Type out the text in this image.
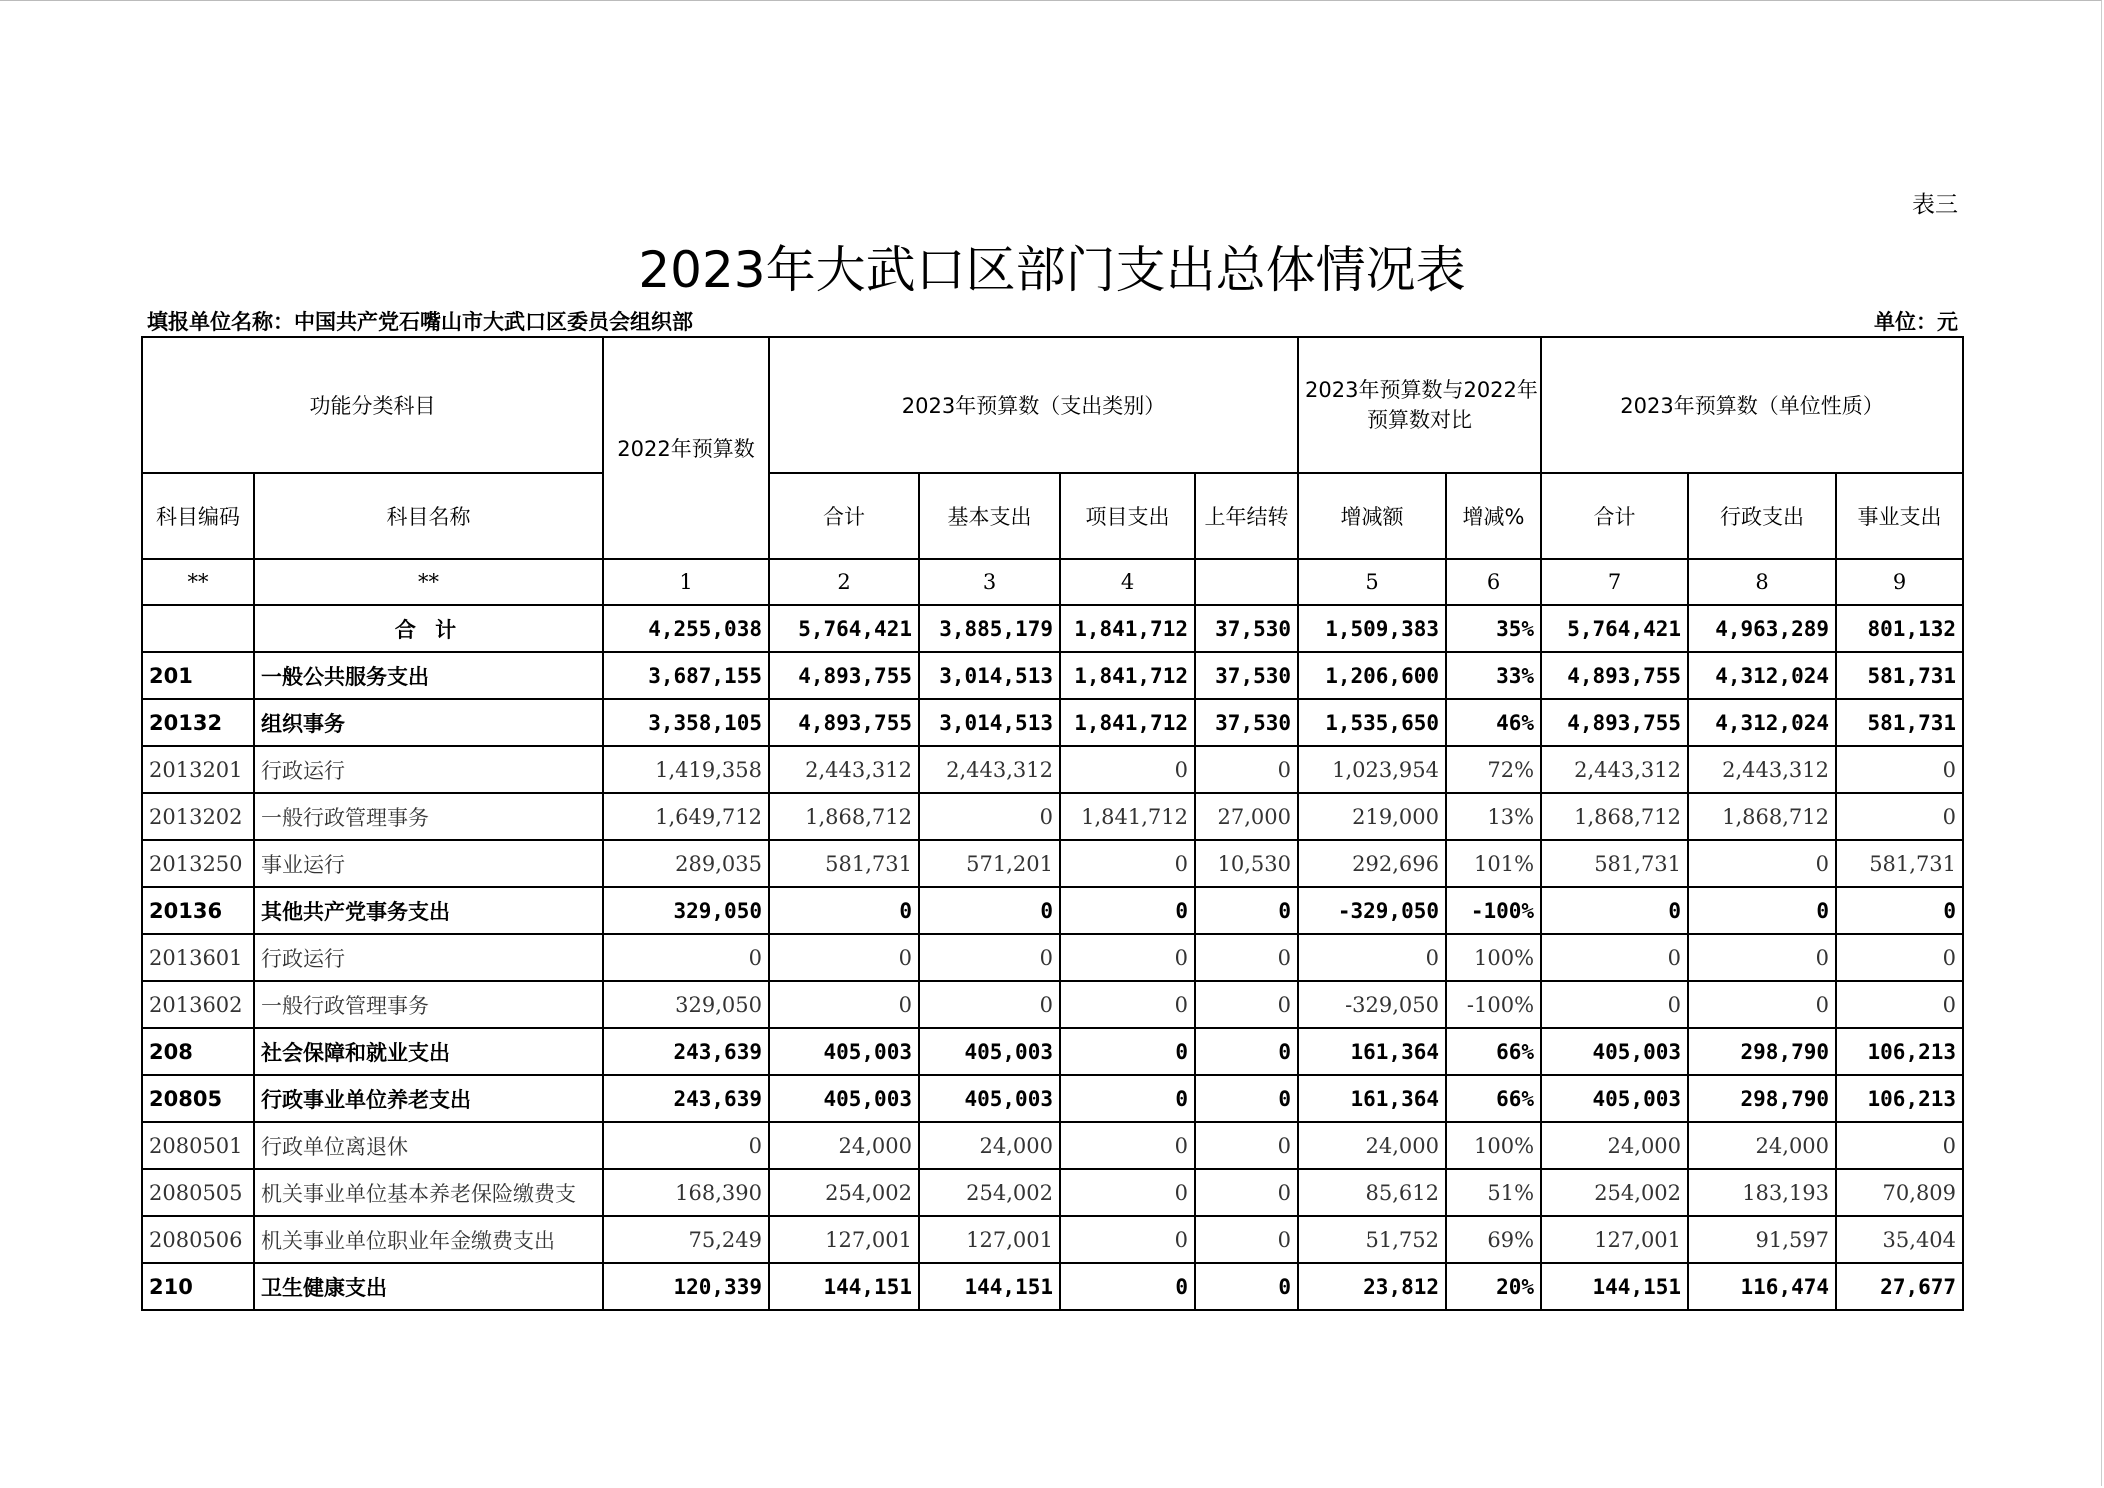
表三
2023年大武口区部门支出总体情况表
填报单位名称：中国共产党石嘴山市大武口区委员会组织部	单位：元
功能分类科目		2022年预算数	2023年预算数（支出类别）				2023年预算数与2022年
预算数对比		2023年预算数（单位性质）		

科目编码	科目名称		合计	基本支出	项目支出	上年结转	增减额	增减%	合计	行政支出	事业支出
**	**	1	2	3	4		5	6	7	8	9
	合 计	4,255,038	5,764,421	3,885,179	1,841,712	37,530	1,509,383	35%	5,764,421	4,963,289	801,132
201	一般公共服务支出	3,687,155	4,893,755	3,014,513	1,841,712	37,530	1,206,600	33%	4,893,755	4,312,024	581,731
20132	组织事务	3,358,105	4,893,755	3,014,513	1,841,712	37,530	1,535,650	46%	4,893,755	4,312,024	581,731
2013201	行政运行	1,419,358	2,443,312	2,443,312	0	0	1,023,954	72%	2,443,312	2,443,312	0
2013202	一般行政管理事务	1,649,712	1,868,712	0	1,841,712	27,000	219,000	13%	1,868,712	1,868,712	0
2013250	事业运行	289,035	581,731	571,201	0	10,530	292,696	101%	581,731	0	581,731
20136	其他共产党事务支出	329,050	0	0	0	0	-329,050	-100%	0	0	0
2013601	行政运行	0	0	0	0	0	0	100%	0	0	0
2013602	一般行政管理事务	329,050	0	0	0	0	-329,050	-100%	0	0	0
208	社会保障和就业支出	243,639	405,003	405,003	0	0	161,364	66%	405,003	298,790	106,213
20805	行政事业单位养老支出	243,639	405,003	405,003	0	0	161,364	66%	405,003	298,790	106,213
2080501	行政单位离退休	0	24,000	24,000	0	0	24,000	100%	24,000	24,000	0
2080505	机关事业单位基本养老保险缴费支	168,390	254,002	254,002	0	0	85,612	51%	254,002	183,193	70,809
2080506	机关事业单位职业年金缴费支出	75,249	127,001	127,001	0	0	51,752	69%	127,001	91,597	35,404
210	卫生健康支出	120,339	144,151	144,151	0	0	23,812	20%	144,151	116,474	27,677
